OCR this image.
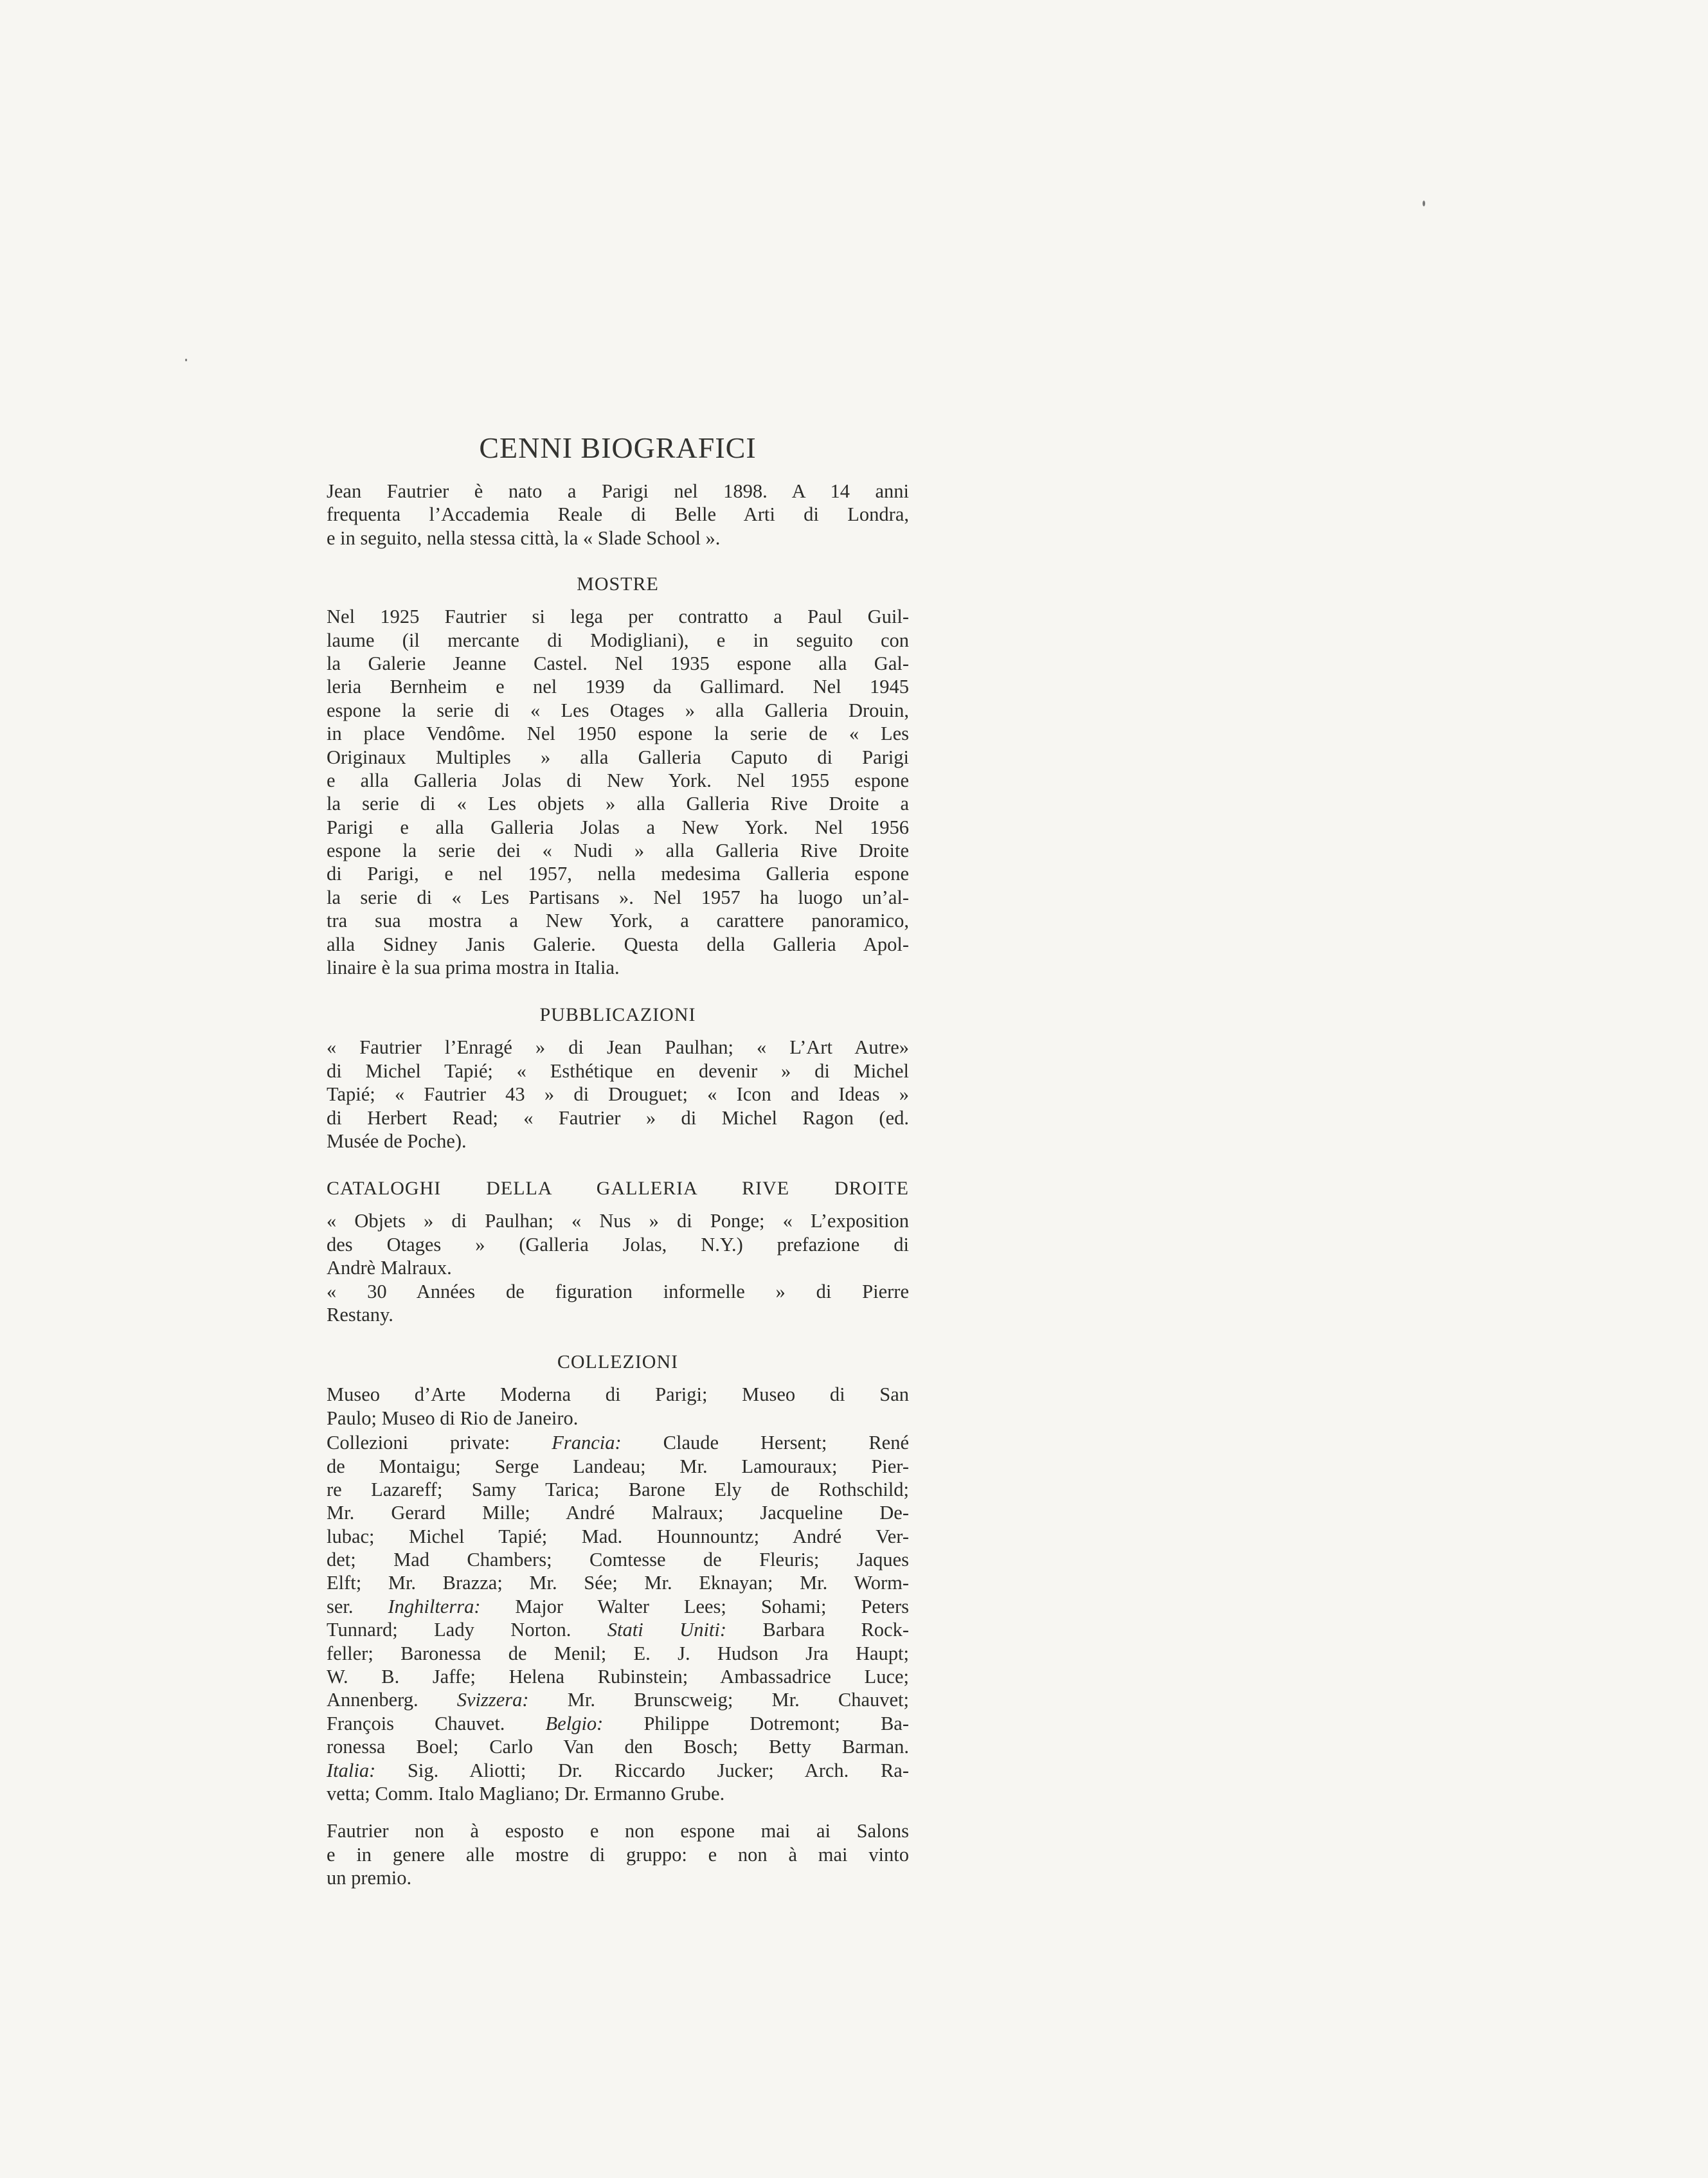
CENNI BIOGRAFICI
Jean Fautrier è nato a Parigi nel 1898. A 14 anni
frequenta l’Accademia Reale di Belle Arti di Londra,
e in seguito, nella stessa città, la « Slade School ».
MOSTRE
Nel 1925 Fautrier si lega per contratto a Paul Guil-
laume (il mercante di Modigliani), e in seguito con
la Galerie Jeanne Castel. Nel 1935 espone alla Gal-
leria Bernheim e nel 1939 da Gallimard. Nel 1945
espone la serie di « Les Otages » alla Galleria Drouin,
in place Vendôme. Nel 1950 espone la serie de « Les
Originaux Multiples » alla Galleria Caputo di Parigi
e alla Galleria Jolas di New York. Nel 1955 espone
la serie di « Les objets » alla Galleria Rive Droite a
Parigi e alla Galleria Jolas a New York. Nel 1956
espone la serie dei « Nudi » alla Galleria Rive Droite
di Parigi, e nel 1957, nella medesima Galleria espone
la serie di « Les Partisans ». Nel 1957 ha luogo un’al-
tra sua mostra a New York, a carattere panoramico,
alla Sidney Janis Galerie. Questa della Galleria Apol-
linaire è la sua prima mostra in Italia.
PUBBLICAZIONI
« Fautrier l’Enragé » di Jean Paulhan; « L’Art Autre»
di Michel Tapié; « Esthétique en devenir » di Michel
Tapié; « Fautrier 43 » di Drouguet; « Icon and Ideas »
di Herbert Read; « Fautrier » di Michel Ragon (ed.
Musée de Poche).
CATALOGHI DELLA GALLERIA RIVE DROITE
« Objets » di Paulhan; « Nus » di Ponge; « L’exposition
des Otages » (Galleria Jolas, N.Y.) prefazione di
Andrè Malraux.
« 30 Années de figuration informelle » di Pierre
Restany.
COLLEZIONI
Museo d’Arte Moderna di Parigi; Museo di San
Paulo; Museo di Rio de Janeiro.
Collezioni private: Francia: Claude Hersent; René
de Montaigu; Serge Landeau; Mr. Lamouraux; Pier-
re Lazareff; Samy Tarica; Barone Ely de Rothschild;
Mr. Gerard Mille; André Malraux; Jacqueline De-
lubac; Michel Tapié; Mad. Hounnountz; André Ver-
det; Mad Chambers; Comtesse de Fleuris; Jaques
Elft; Mr. Brazza; Mr. Sée; Mr. Eknayan; Mr. Worm-
ser. Inghilterra: Major Walter Lees; Sohami; Peters
Tunnard; Lady Norton. Stati Uniti: Barbara Rock-
feller; Baronessa de Menil; E. J. Hudson Jra Haupt;
W. B. Jaffe; Helena Rubinstein; Ambassadrice Luce;
Annenberg. Svizzera: Mr. Brunscweig; Mr. Chauvet;
François Chauvet. Belgio: Philippe Dotremont; Ba-
ronessa Boel; Carlo Van den Bosch; Betty Barman.
Italia: Sig. Aliotti; Dr. Riccardo Jucker; Arch. Ra-
vetta; Comm. Italo Magliano; Dr. Ermanno Grube.
Fautrier non à esposto e non espone mai ai Salons
e in genere alle mostre di gruppo: e non à mai vinto
un premio.
